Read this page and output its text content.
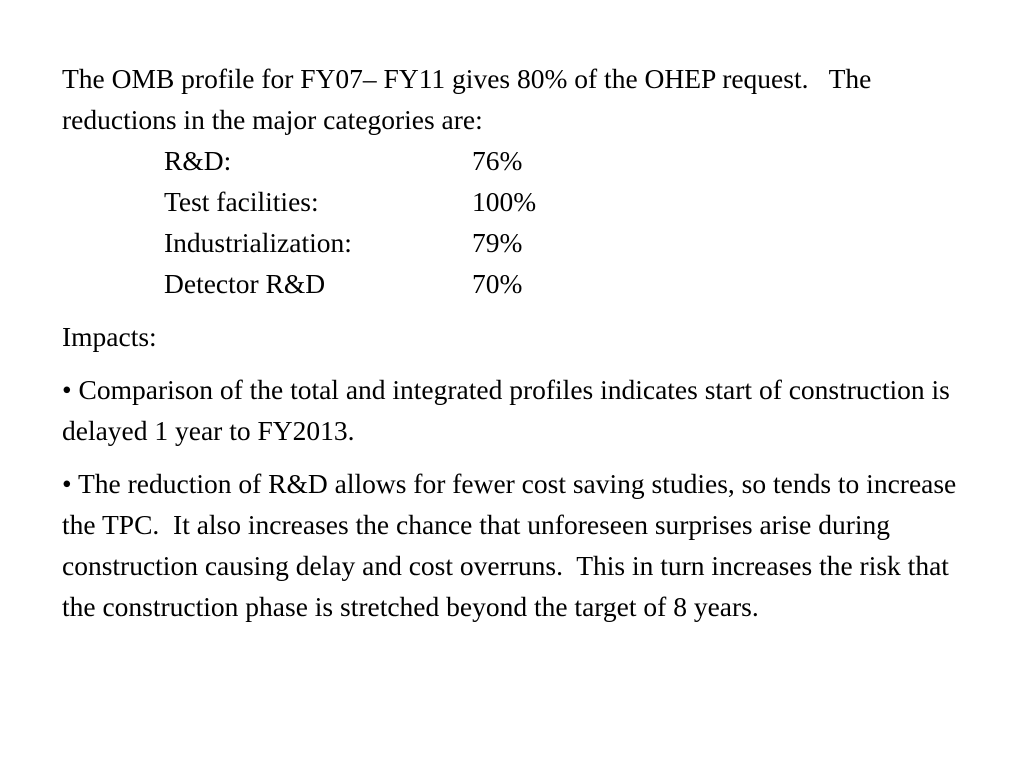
The OMB profile for FY07– FY11 gives 80% of the OHEP request.   The reductions in the major categories are:

R&D:	76%
Test facilities:	100%
Industrialization:	79%
Detector R&D	70%

Impacts:

• Comparison of the total and integrated profiles indicates start of construction is delayed 1 year to FY2013.

• The reduction of R&D allows for fewer cost saving studies, so tends to increase the TPC.  It also increases the chance that unforeseen surprises arise during construction causing delay and cost overruns.  This in turn increases the risk that the construction phase is stretched beyond the target of 8 years.
